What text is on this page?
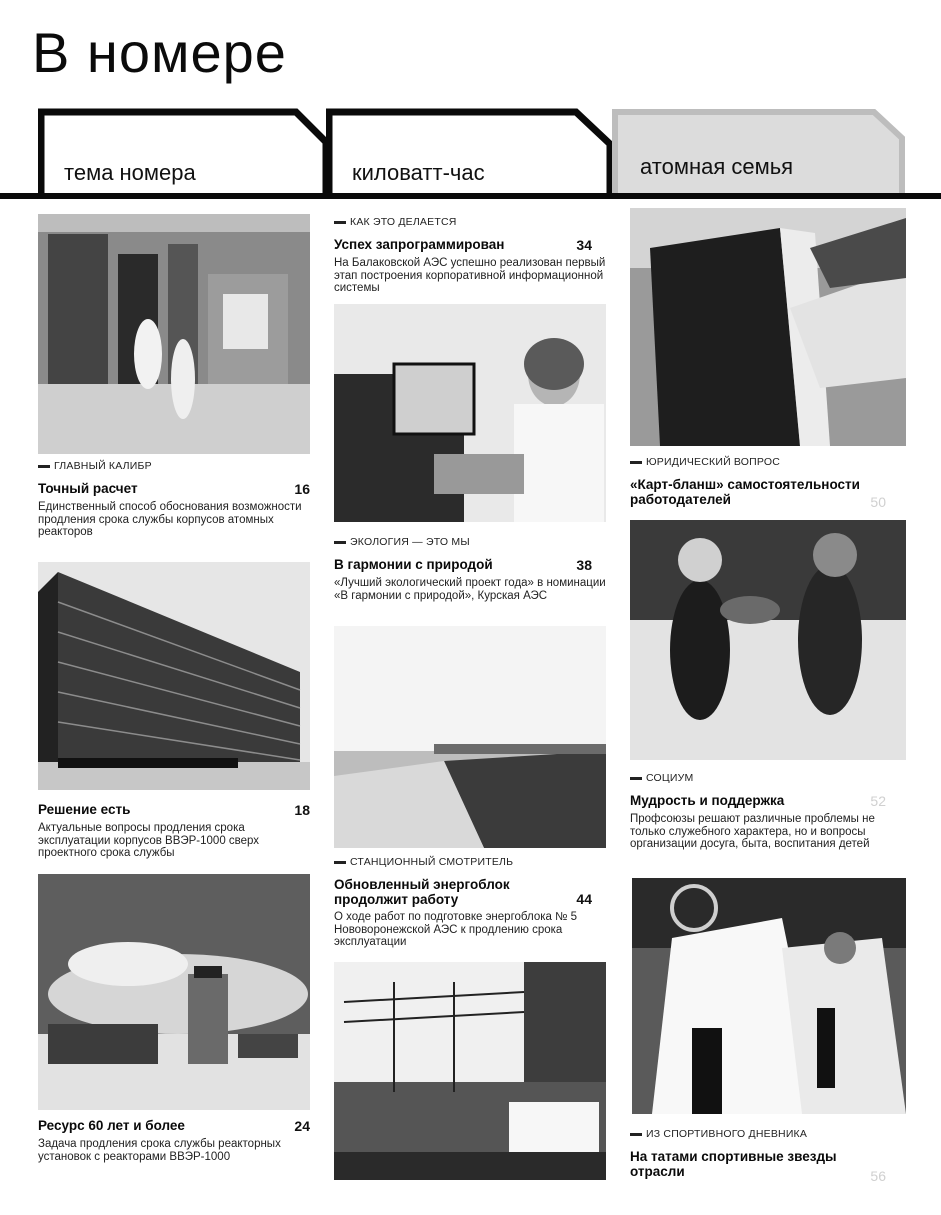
В номере
тема номера	киловатт-час	атомная семья
ГЛАВНЫЙ КАЛИБР
Точный расчет	16

Единственный способ обоснования возможности продления срока службы корпусов атомных реакторов

Решение есть	18

Актуальные вопросы продления срока эксплуатации корпусов ВВЭР-1000 сверх проектного срока службы

Ресурс 60 лет и более	24

Задача продления срока службы реакторных установок с реакторами ВВЭР-1000

КАК ЭТО ДЕЛАЕТСЯ
Успех запрограммирован	34

На Балаковской АЭС успешно реализован первый этап построения корпоративной информационной системы

ЭКОЛОГИЯ — ЭТО МЫ
В гармонии с природой	38

«Лучший экологический проект года» в номинации «В гармонии с природой», Курская АЭС

СТАНЦИОННЫЙ СМОТРИТЕЛЬ
Обновленный энергоблок продолжит работу	44

О ходе работ по подготовке энергоблока № 5 Нововоронежской АЭС к продлению срока эксплуатации

ЮРИДИЧЕСКИЙ ВОПРОС
«Карт-бланш» самостоятельности работодателей	50
СОЦИУМ
Мудрость и поддержка	52

Профсоюзы решают различные проблемы не только служебного характера, но и вопросы организации досуга, быта, воспитания детей

ИЗ СПОРТИВНОГО ДНЕВНИКА
На татами спортивные звезды отрасли	56
